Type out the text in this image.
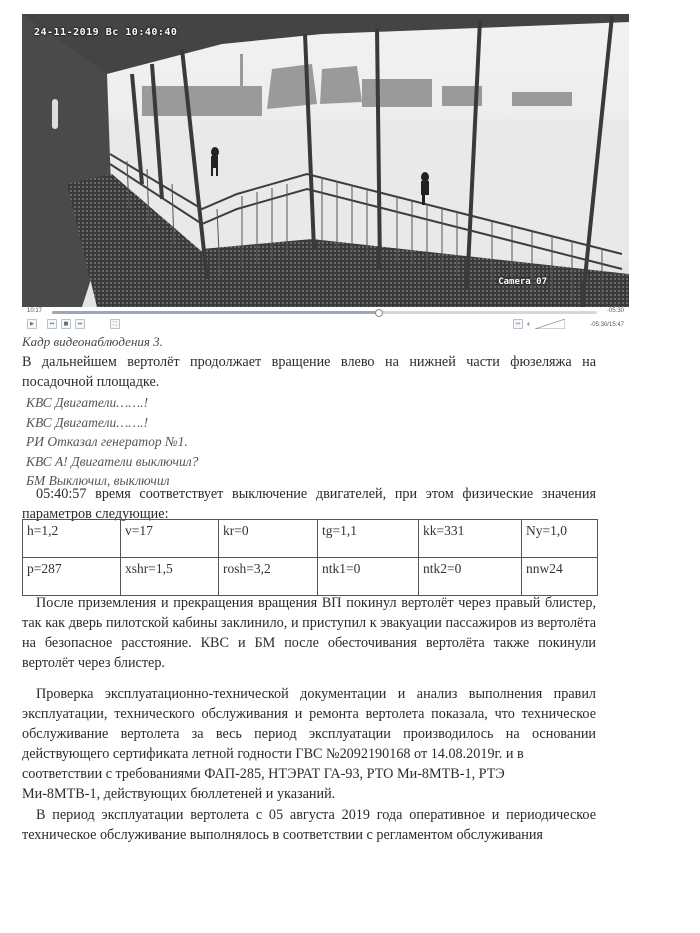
24-11-2019 Вс 10:40:40
Camera 07
10:17	-05:30
▶	⏮	■	⏭	⛶	↔	4	-05:30/15:47
Кадр видеонаблюдения 3.
В дальнейшем вертолёт продолжает вращение влево на нижней части фюзеляжа на посадочной площадке.
КВС Двигатели…….!
КВС Двигатели…….!
РИ Отказал генератор №1.
КВС А! Двигатели выключил?
БМ Выключил, выключил
05:40:57 время соответствует выключение двигателей, при этом физические значения параметров следующие:
h=1,2	v=17	kr=0	tg=1,1	kk=331	Ny=1,0
p=287	xshr=1,5	rosh=3,2	ntk1=0	ntk2=0	nnw24
После приземления и прекращения вращения ВП покинул вертолёт через правый блистер, так как дверь пилотской кабины заклинило, и приступил к эвакуации пассажиров из вертолёта на безопасное расстояние. КВС и БМ после обесточивания вертолёта также покинули вертолёт через блистер.
Проверка эксплуатационно-технической документации и анализ выполнения правил эксплуатации, технического обслуживания и ремонта вертолета показала, что техническое обслуживание вертолета за весь период эксплуатации производилось на основании действующего сертификата летной годности ГВС №2092190168 от 14.08.2019г. и в
соответствии с требованиями ФАП-285, НТЭРАТ ГА-93, РТО Ми-8МТВ-1, РТЭ
Ми-8МТВ-1, действующих бюллетеней и указаний.
В период эксплуатации вертолета с 05 августа 2019 года оперативное и периодическое техническое обслуживание выполнялось в соответствии с регламентом обслуживания
